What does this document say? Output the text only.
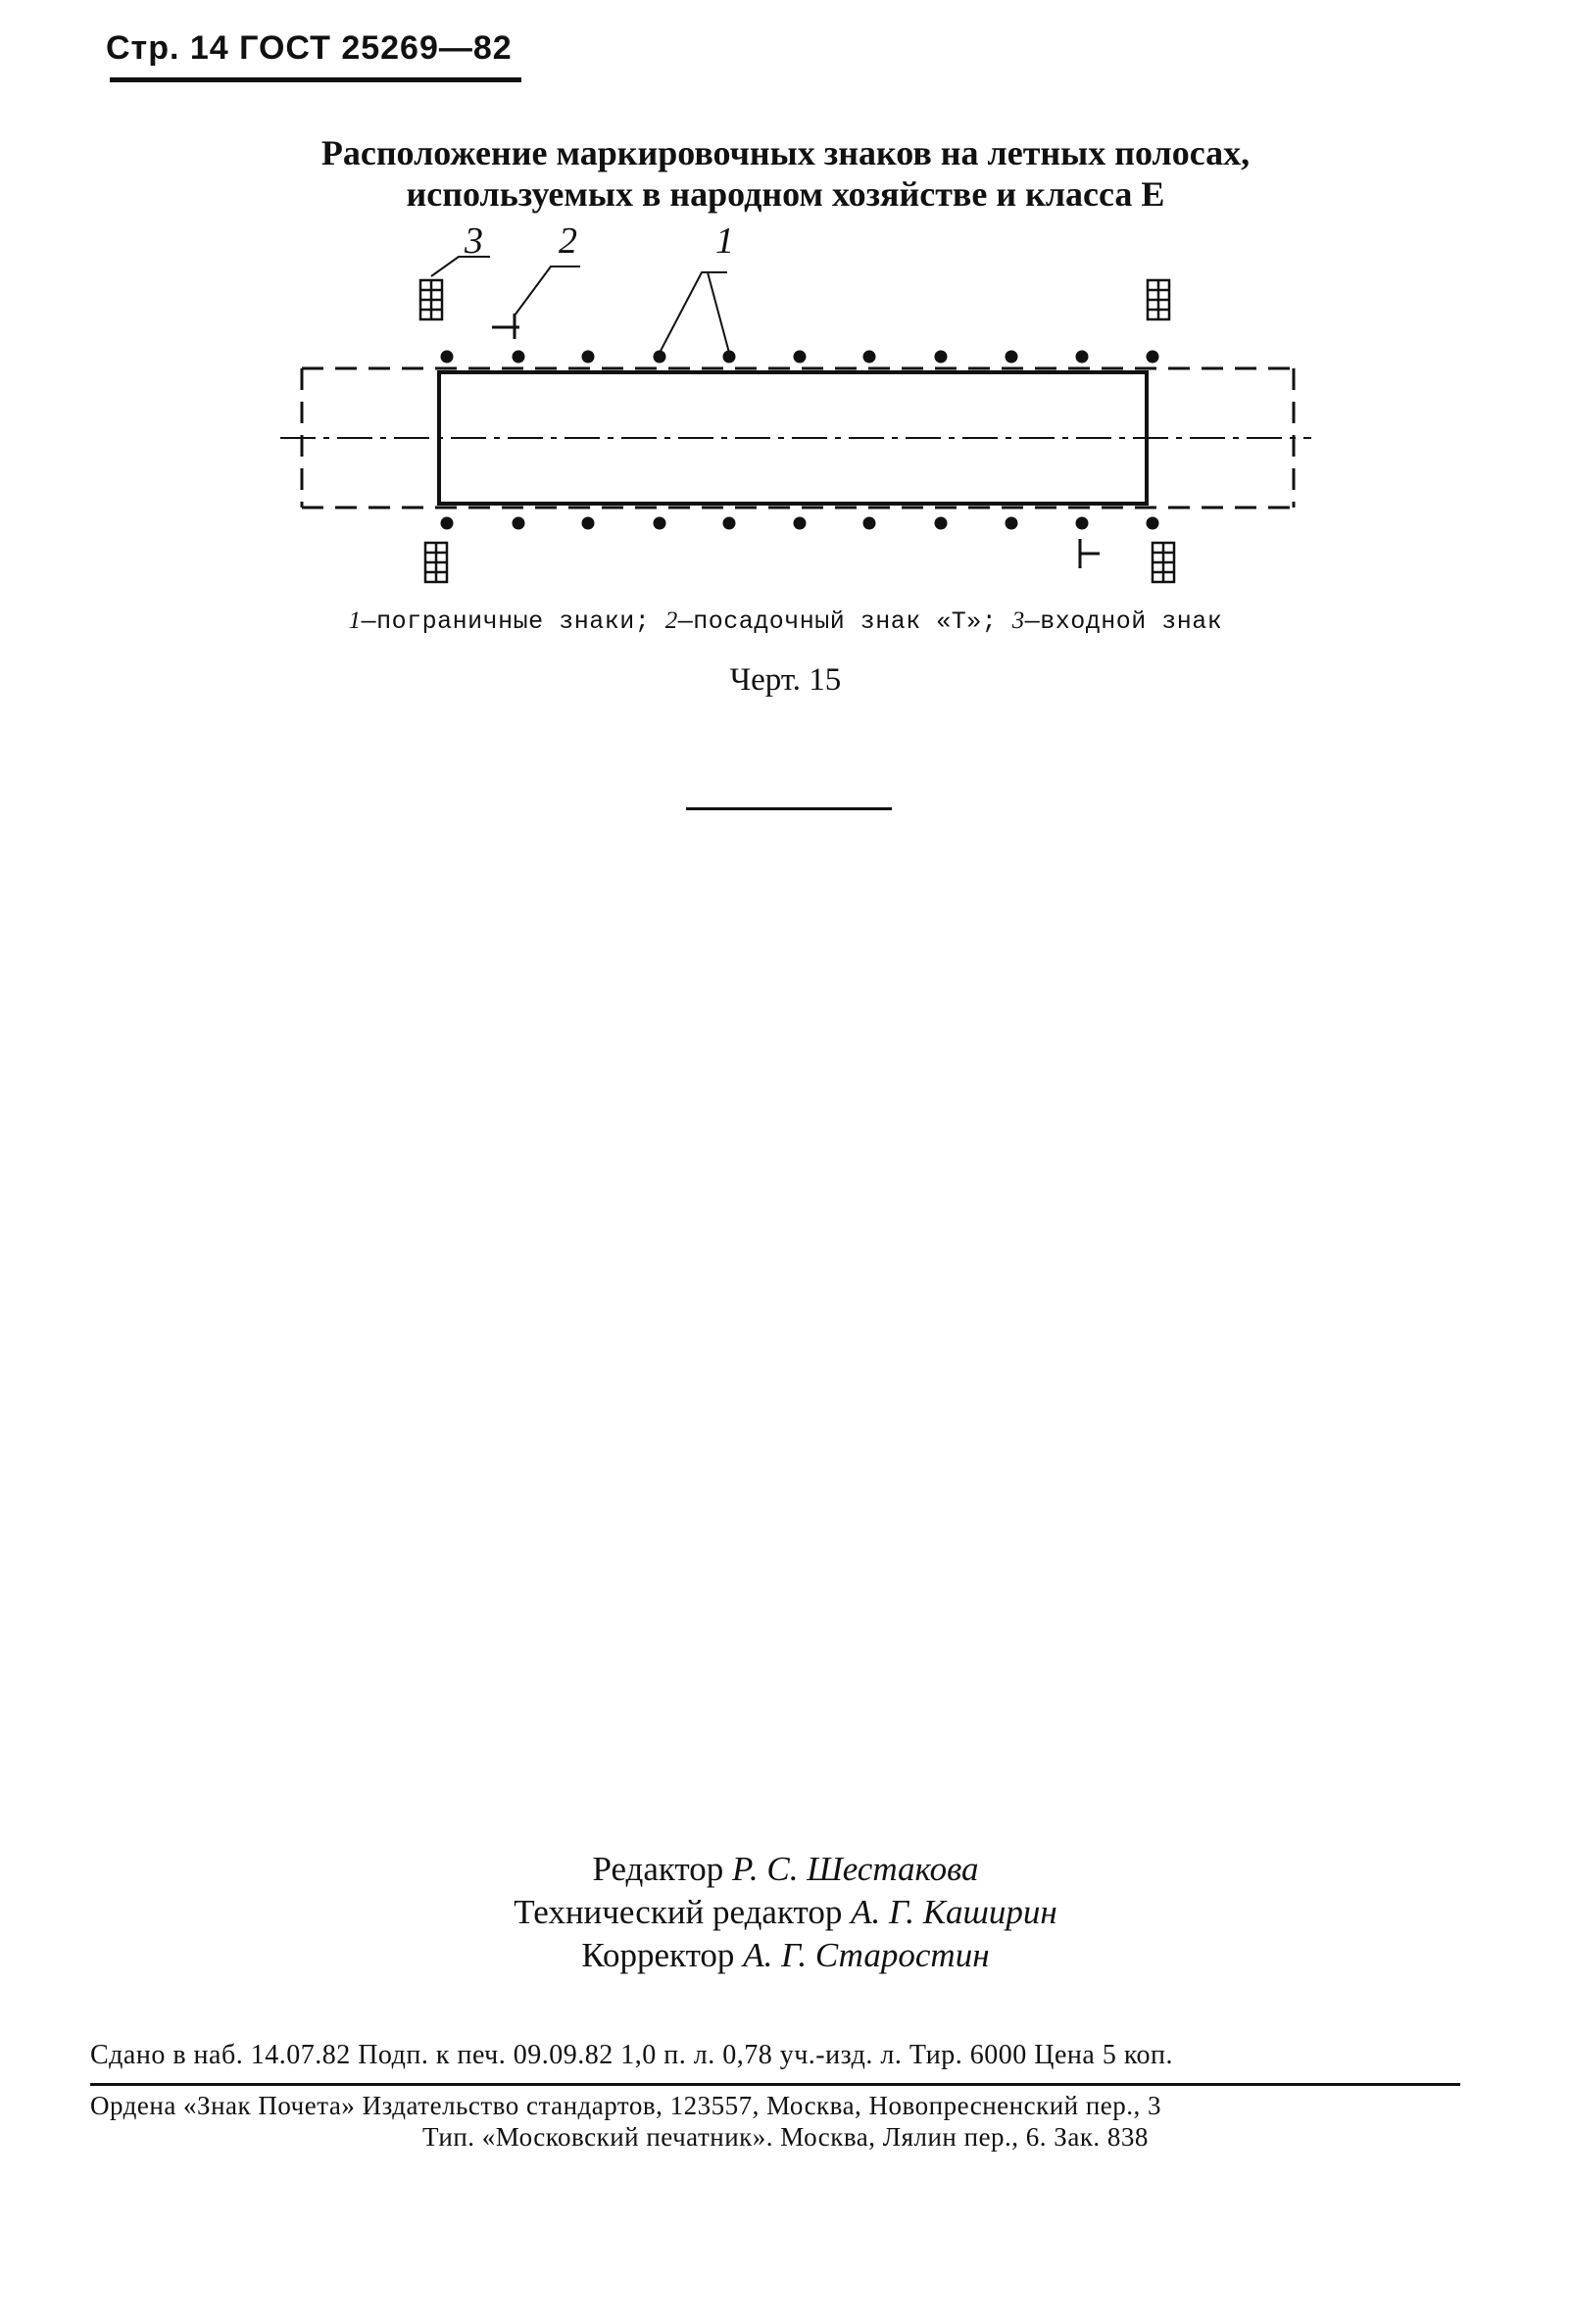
Стр. 14 ГОСТ 25269—82
Расположение маркировочных знаков на летных полосах,
используемых в народном хозяйстве и класса Е
3 2	1
1—пограничные знаки; 2—посадочный знак «Т»; 3—входной знак
Черт. 15
Редактор Р. С. Шестакова
Технический редактор А. Г. Каширин
Корректор А. Г. Старостин
Сдано в наб. 14.07.82 Подп. к печ. 09.09.82 1,0 п. л. 0,78 уч.-изд. л. Тир. 6000 Цена 5 коп.
Ордена «Знак Почета» Издательство стандартов, 123557, Москва, Новопресненский пер., 3
Тип. «Московский печатник». Москва, Лялин пер., 6. Зак. 838
